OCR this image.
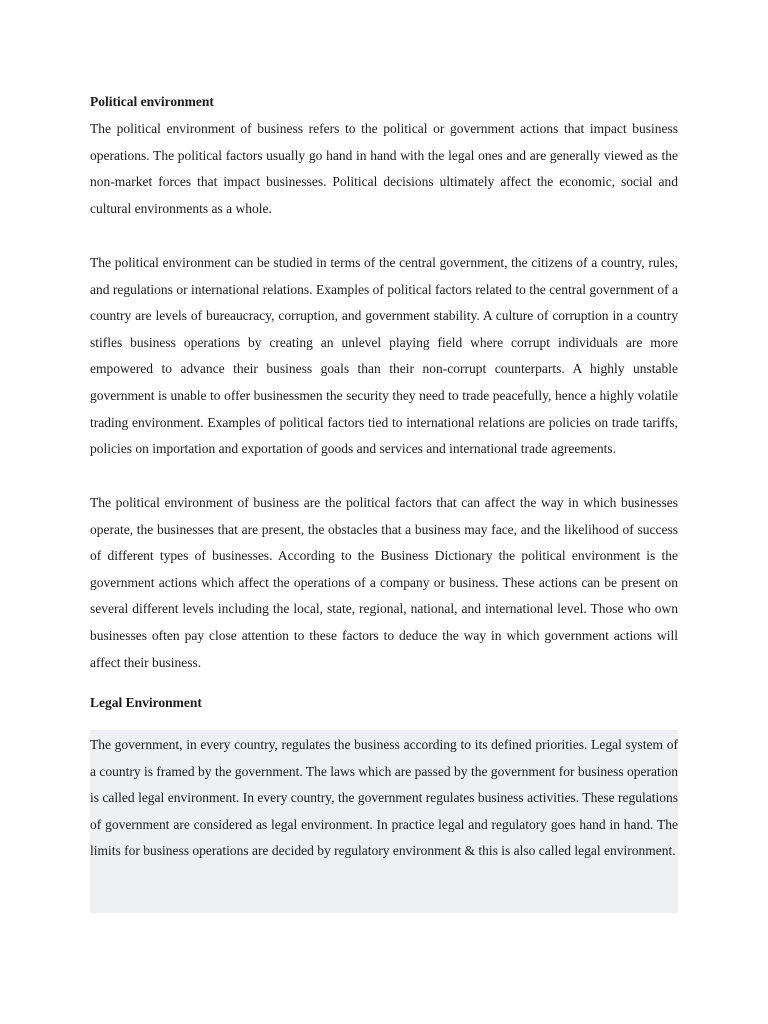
Political environment

The political environment of business refers to the political or government actions that impact business operations. The political factors usually go hand in hand with the legal ones and are generally viewed as the non-market forces that impact businesses. Political decisions ultimately affect the economic, social and cultural environments as a whole.

The political environment can be studied in terms of the central government, the citizens of a country, rules, and regulations or international relations. Examples of political factors related to the central government of a country are levels of bureaucracy, corruption, and government stability. A culture of corruption in a country stifles business operations by creating an unlevel playing field where corrupt individuals are more empowered to advance their business goals than their non-corrupt counterparts. A highly unstable government is unable to offer businessmen the security they need to trade peacefully, hence a highly volatile trading environment. Examples of political factors tied to international relations are policies on trade tariffs, policies on importation and exportation of goods and services and international trade agreements.

The political environment of business are the political factors that can affect the way in which businesses operate, the businesses that are present, the obstacles that a business may face, and the likelihood of success of different types of businesses. According to the Business Dictionary the political environment is the government actions which affect the operations of a company or business. These actions can be present on several different levels including the local, state, regional, national, and international level. Those who own businesses often pay close attention to these factors to deduce the way in which government actions will affect their business.

Legal Environment

The government, in every country, regulates the business according to its defined priorities. Legal system of a country is framed by the government. The laws which are passed by the government for business operation is called legal environment. In every country, the government regulates business activities. These regulations of government are considered as legal environment. In practice legal and regulatory goes hand in hand. The limits for business operations are decided by regulatory environment & this is also called legal environment.
